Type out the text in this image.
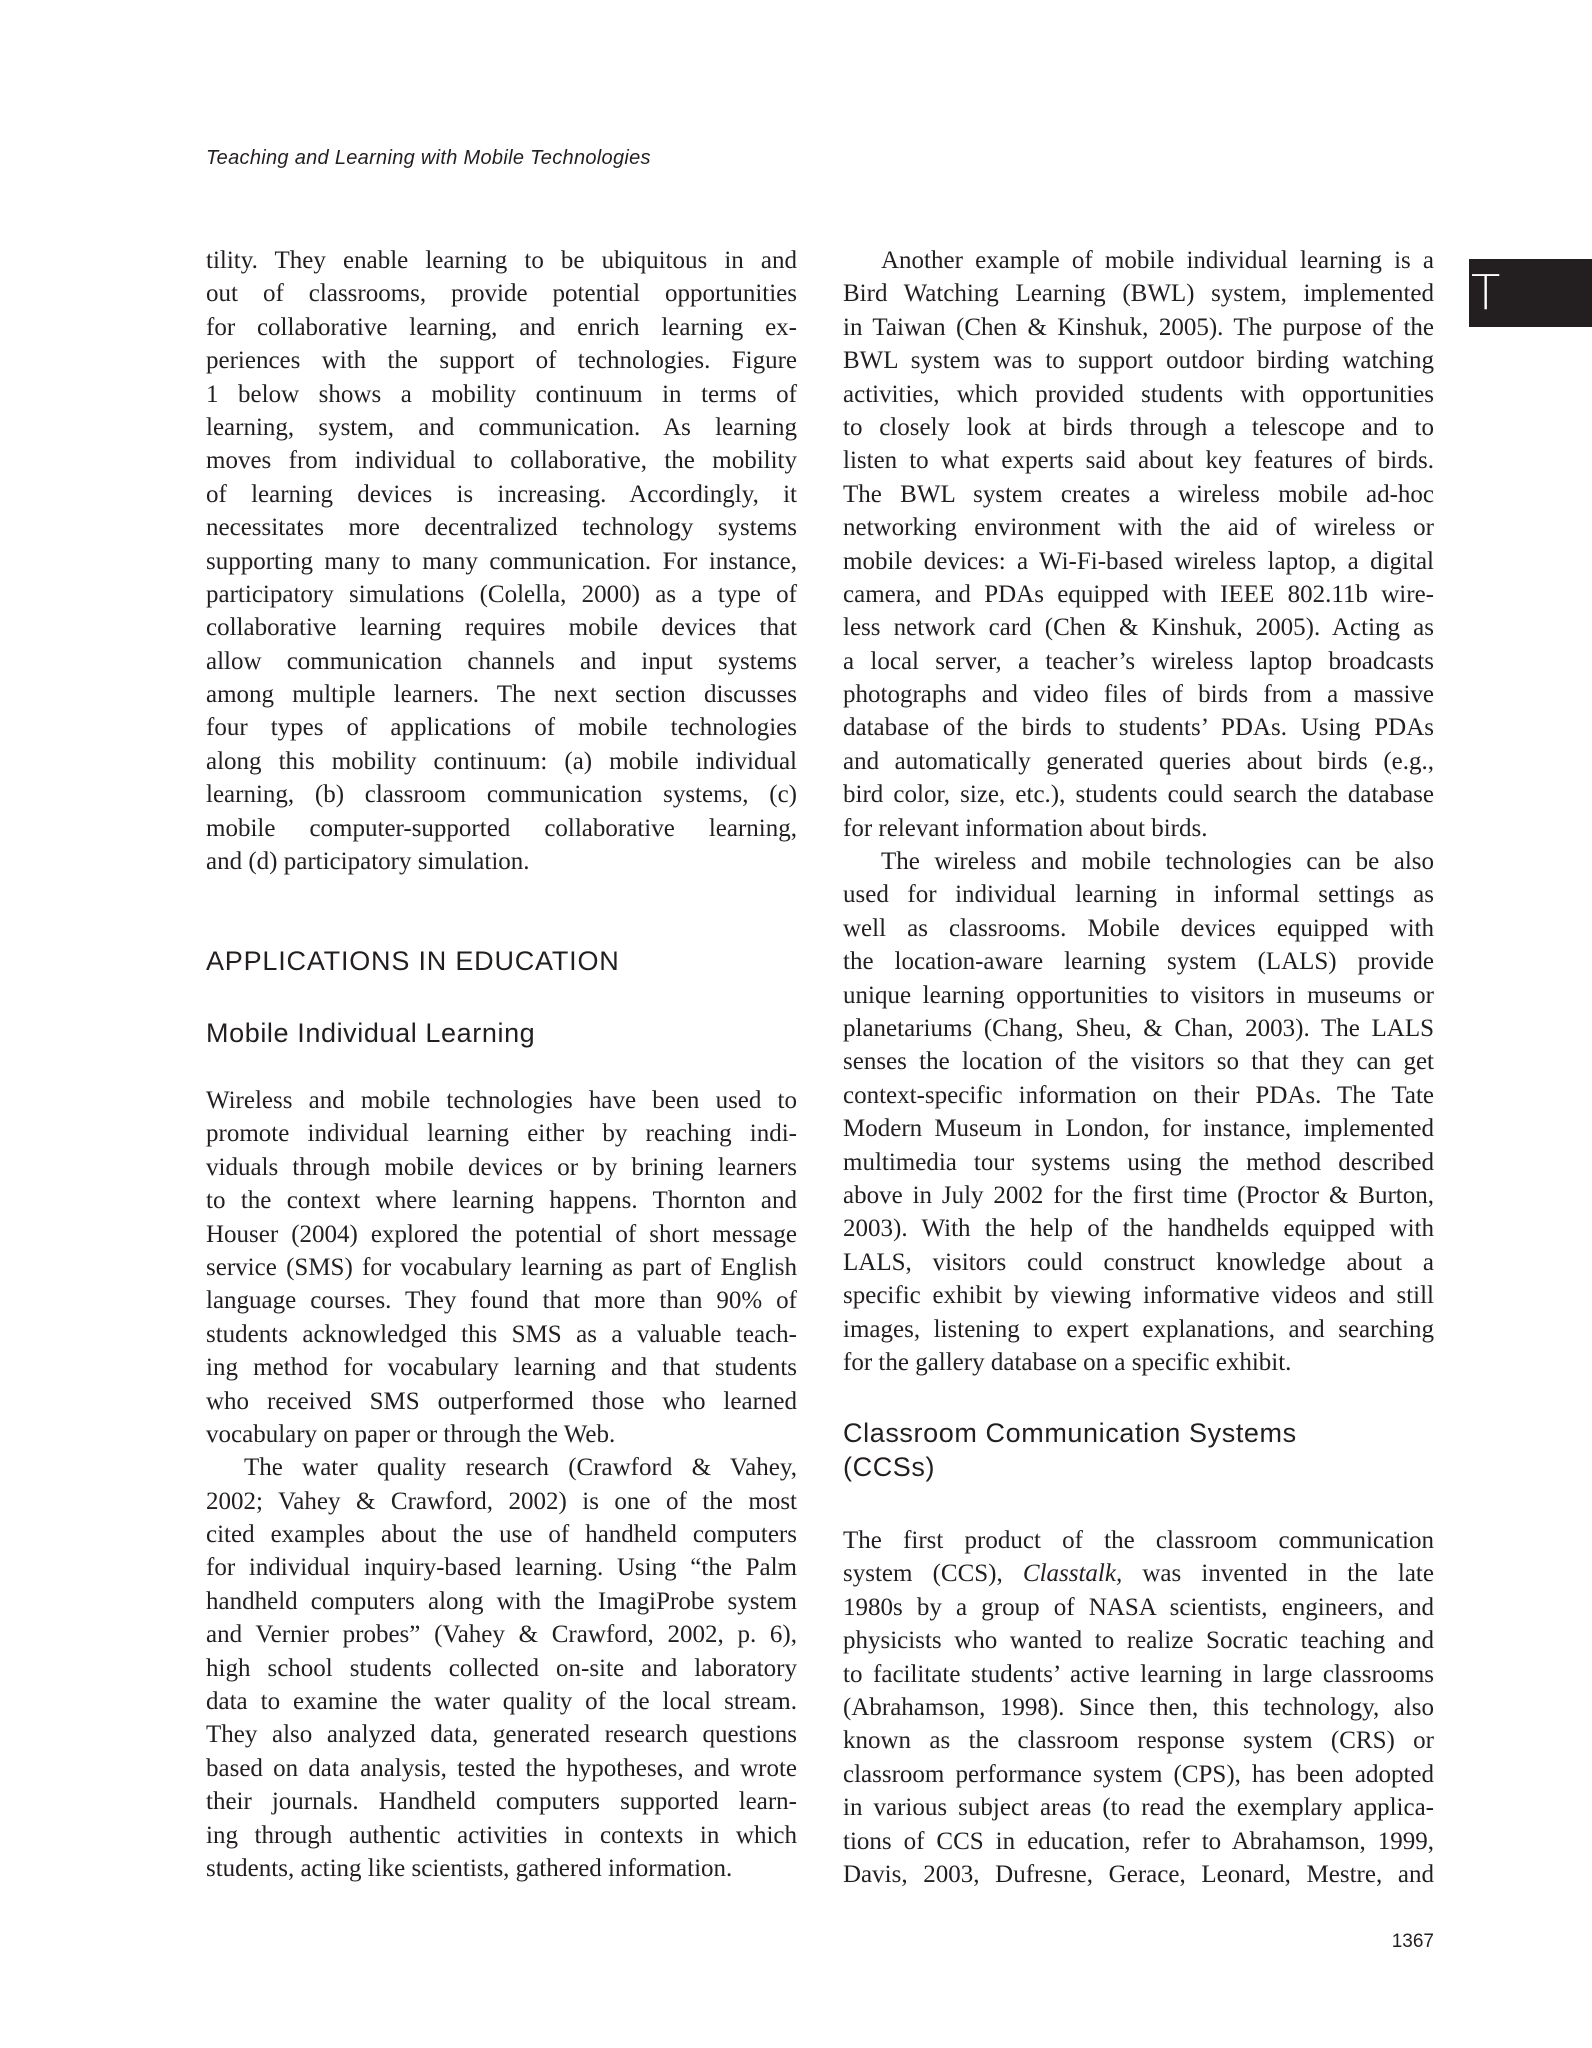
Teaching and Learning with Mobile Technologies
T
tility. They enable learning to be ubiquitous in and
out of classrooms, provide potential opportunities
for collaborative learning, and enrich learning ex-
periences with the support of technologies. Figure
1 below shows a mobility continuum in terms of
learning, system, and communication. As learning
moves from individual to collaborative, the mobility
of learning devices is increasing. Accordingly, it
necessitates more decentralized technology systems
supporting many to many communication. For instance,
participatory simulations (Colella, 2000) as a type of
collaborative learning requires mobile devices that
allow communication channels and input systems
among multiple learners. The next section discusses
four types of applications of mobile technologies
along this mobility continuum: (a) mobile individual
learning, (b) classroom communication systems, (c)
mobile computer-supported collaborative learning,
and (d) participatory simulation.
APPLICATIONS IN EDUCATION
Mobile Individual Learning
Wireless and mobile technologies have been used to
promote individual learning either by reaching indi-
viduals through mobile devices or by brining learners
to the context where learning happens. Thornton and
Houser (2004) explored the potential of short message
service (SMS) for vocabulary learning as part of English
language courses. They found that more than 90% of
students acknowledged this SMS as a valuable teach-
ing method for vocabulary learning and that students
who received SMS outperformed those who learned
vocabulary on paper or through the Web.
The water quality research (Crawford & Vahey,
2002; Vahey & Crawford, 2002) is one of the most
cited examples about the use of handheld computers
for individual inquiry-based learning. Using “the Palm
handheld computers along with the ImagiProbe system
and Vernier probes” (Vahey & Crawford, 2002, p. 6),
high school students collected on-site and laboratory
data to examine the water quality of the local stream.
They also analyzed data, generated research questions
based on data analysis, tested the hypotheses, and wrote
their journals. Handheld computers supported learn-
ing through authentic activities in contexts in which
students, acting like scientists, gathered information.
Another example of mobile individual learning is a
Bird Watching Learning (BWL) system, implemented
in Taiwan (Chen & Kinshuk, 2005). The purpose of the
BWL system was to support outdoor birding watching
activities, which provided students with opportunities
to closely look at birds through a telescope and to
listen to what experts said about key features of birds.
The BWL system creates a wireless mobile ad-hoc
networking environment with the aid of wireless or
mobile devices: a Wi-Fi-based wireless laptop, a digital
camera, and PDAs equipped with IEEE 802.11b wire-
less network card (Chen & Kinshuk, 2005). Acting as
a local server, a teacher’s wireless laptop broadcasts
photographs and video files of birds from a massive
database of the birds to students’ PDAs. Using PDAs
and automatically generated queries about birds (e.g.,
bird color, size, etc.), students could search the database
for relevant information about birds.
The wireless and mobile technologies can be also
used for individual learning in informal settings as
well as classrooms. Mobile devices equipped with
the location-aware learning system (LALS) provide
unique learning opportunities to visitors in museums or
planetariums (Chang, Sheu, & Chan, 2003). The LALS
senses the location of the visitors so that they can get
context-specific information on their PDAs. The Tate
Modern Museum in London, for instance, implemented
multimedia tour systems using the method described
above in July 2002 for the first time (Proctor & Burton,
2003). With the help of the handhelds equipped with
LALS, visitors could construct knowledge about a
specific exhibit by viewing informative videos and still
images, listening to expert explanations, and searching
for the gallery database on a specific exhibit.
Classroom Communication Systems
(CCSs)
The first product of the classroom communication
system (CCS), Classtalk, was invented in the late
1980s by a group of NASA scientists, engineers, and
physicists who wanted to realize Socratic teaching and
to facilitate students’ active learning in large classrooms
(Abrahamson, 1998). Since then, this technology, also
known as the classroom response system (CRS) or
classroom performance system (CPS), has been adopted
in various subject areas (to read the exemplary applica-
tions of CCS in education, refer to Abrahamson, 1999,
Davis, 2003, Dufresne, Gerace, Leonard, Mestre, and
1367
